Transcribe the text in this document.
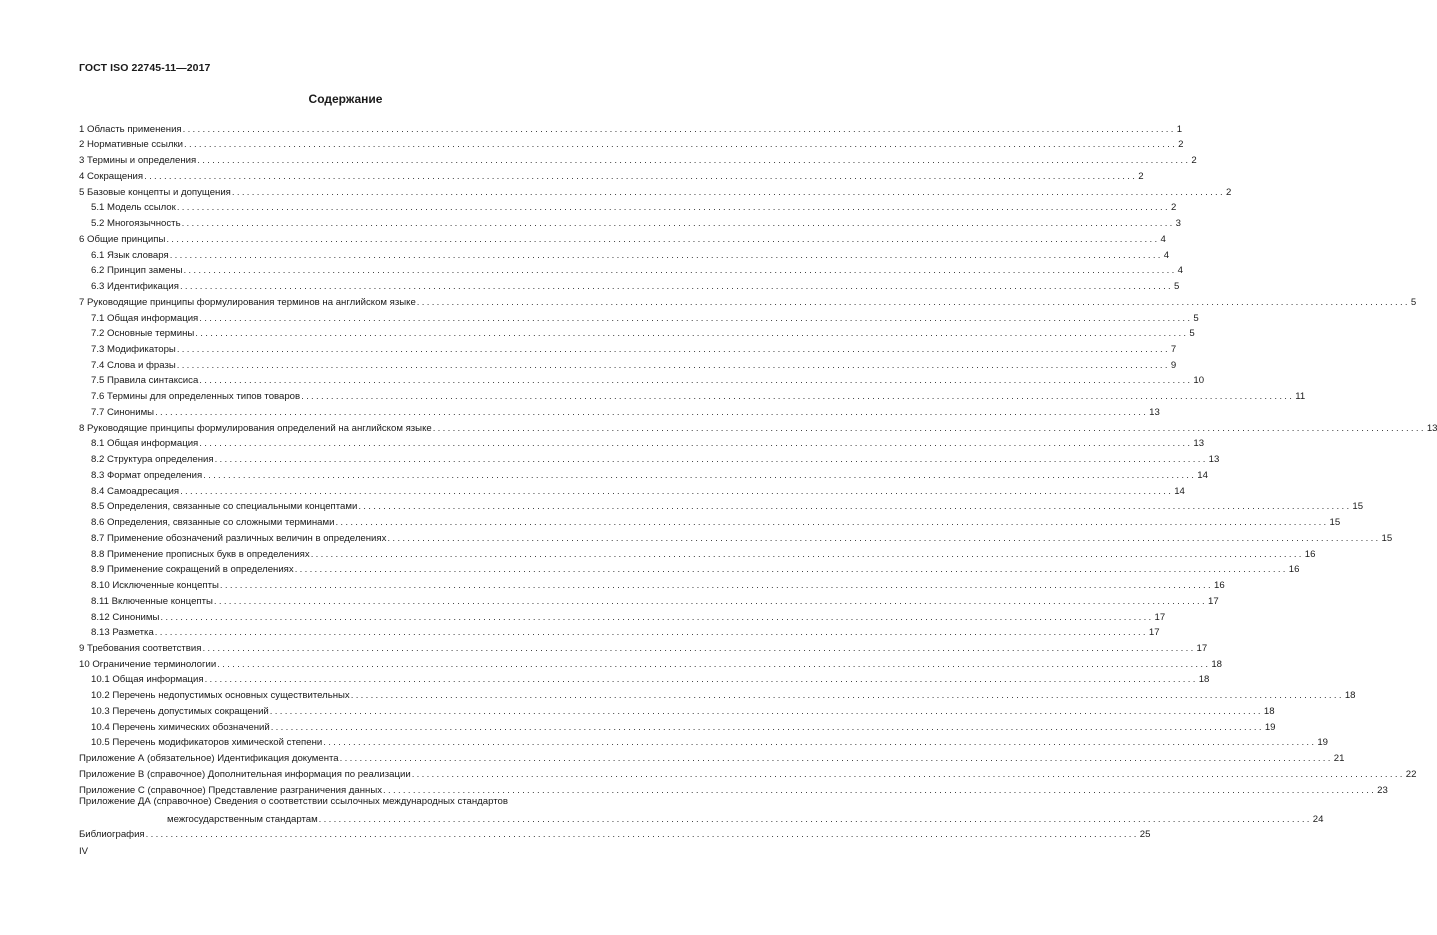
ГОСТ ISO 22745-11—2017
Содержание
1 Область применения ........................................................................................................................................................................................................ 1
2 Нормативные ссылки ........................................................................................................................................................................................................ 2
3 Термины и определения ........................................................................................................................................................................................................ 2
4 Сокращения ........................................................................................................................................................................................................ 2
5 Базовые концепты и допущения ........................................................................................................................................................................................................ 2
5.1 Модель ссылок ........................................................................................................................................................................................................ 2
5.2 Многоязычность ........................................................................................................................................................................................................ 3
6 Общие принципы ........................................................................................................................................................................................................ 4
6.1 Язык словаря ........................................................................................................................................................................................................ 4
6.2 Принцип замены ........................................................................................................................................................................................................ 4
6.3 Идентификация ........................................................................................................................................................................................................ 5
7 Руководящие принципы формулирования терминов на английском языке ........................................................................................................................................................................................................ 5
7.1 Общая информация ........................................................................................................................................................................................................ 5
7.2 Основные термины ........................................................................................................................................................................................................ 5
7.3 Модификаторы ........................................................................................................................................................................................................ 7
7.4 Слова и фразы ........................................................................................................................................................................................................ 9
7.5 Правила синтаксиса ........................................................................................................................................................................................................ 10
7.6 Термины для определенных типов товаров ........................................................................................................................................................................................................ 11
7.7 Синонимы ........................................................................................................................................................................................................ 13
8 Руководящие принципы формулирования определений на английском языке ........................................................................................................................................................................................................ 13
8.1 Общая информация ........................................................................................................................................................................................................ 13
8.2 Структура определения ........................................................................................................................................................................................................ 13
8.3 Формат определения ........................................................................................................................................................................................................ 14
8.4 Самоадресация ........................................................................................................................................................................................................ 14
8.5 Определения, связанные со специальными концептами ........................................................................................................................................................................................................ 15
8.6 Определения, связанные со сложными терминами ........................................................................................................................................................................................................ 15
8.7 Применение обозначений различных величин в определениях ........................................................................................................................................................................................................ 15
8.8 Применение прописных букв в определениях ........................................................................................................................................................................................................ 16
8.9 Применение сокращений в определениях ........................................................................................................................................................................................................ 16
8.10 Исключенные концепты ........................................................................................................................................................................................................ 16
8.11 Включенные концепты ........................................................................................................................................................................................................ 17
8.12 Синонимы ........................................................................................................................................................................................................ 17
8.13 Разметка ........................................................................................................................................................................................................ 17
9 Требования соответствия ........................................................................................................................................................................................................ 17
10 Ограничение терминологии ........................................................................................................................................................................................................ 18
10.1 Общая информация ........................................................................................................................................................................................................ 18
10.2 Перечень недопустимых основных существительных ........................................................................................................................................................................................................ 18
10.3 Перечень допустимых сокращений ........................................................................................................................................................................................................ 18
10.4 Перечень химических обозначений ........................................................................................................................................................................................................ 19
10.5 Перечень модификаторов химической степени ........................................................................................................................................................................................................ 19
Приложение А (обязательное) Идентификация документа ........................................................................................................................................................................................................ 21
Приложение В (справочное) Дополнительная информация по реализации ........................................................................................................................................................................................................ 22
Приложение С (справочное) Представление разграничения данных ........................................................................................................................................................................................................ 23
Приложение ДА (справочное) Сведения о соответствии ссылочных международных стандартов
межгосударственным стандартам ........................................................................................................................................................................................................ 24
Библиография ........................................................................................................................................................................................................ 25
IV
